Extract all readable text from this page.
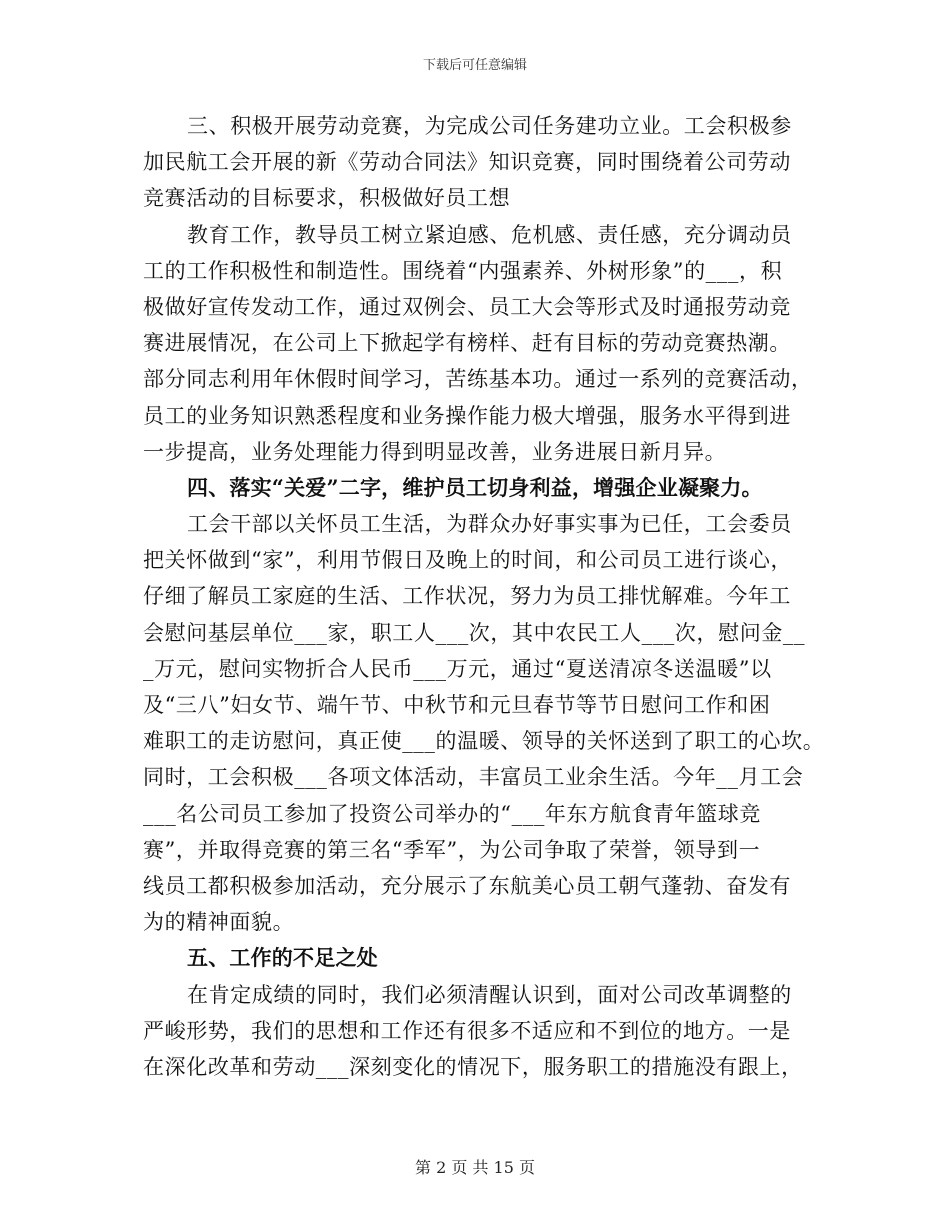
下载后可任意编辑
三、积极开展劳动竞赛，为完成公司任务建功立业。工会积极参
加民航工会开展的新《劳动合同法》知识竞赛，同时围绕着公司劳动
竞赛活动的目标要求，积极做好员工想
教育工作，教导员工树立紧迫感、危机感、责任感，充分调动员
工的工作积极性和制造性。围绕着“内强素养、外树形象”的___，积
极做好宣传发动工作，通过双例会、员工大会等形式及时通报劳动竞
赛进展情况，在公司上下掀起学有榜样、赶有目标的劳动竞赛热潮。
部分同志利用年休假时间学习，苦练基本功。通过一系列的竞赛活动，
员工的业务知识熟悉程度和业务操作能力极大增强，服务水平得到进
一步提高，业务处理能力得到明显改善，业务进展日新月异。
四、落实“关爱”二字，维护员工切身利益，增强企业凝聚力。
工会干部以关怀员工生活，为群众办好事实事为已任，工会委员
把关怀做到“家”，利用节假日及晚上的时间，和公司员工进行谈心，
仔细了解员工家庭的生活、工作状况，努力为员工排忧解难。今年工
会慰问基层单位___家，职工人___次，其中农民工人___次，慰问金__
_万元，慰问实物折合人民币___万元，通过“夏送清凉冬送温暖”以
及“三八”妇女节、端午节、中秋节和元旦春节等节日慰问工作和困
难职工的走访慰问，真正使___的温暖、领导的关怀送到了职工的心坎。
同时，工会积极___各项文体活动，丰富员工业余生活。今年__月工会
___名公司员工参加了投资公司举办的“___年东方航食青年篮球竞
赛”，并取得竞赛的第三名“季军”，为公司争取了荣誉，领导到一
线员工都积极参加活动，充分展示了东航美心员工朝气蓬勃、奋发有
为的精神面貌。
五、工作的不足之处
在肯定成绩的同时，我们必须清醒认识到，面对公司改革调整的
严峻形势，我们的思想和工作还有很多不适应和不到位的地方。一是
在深化改革和劳动___深刻变化的情况下，服务职工的措施没有跟上，
第 2 页 共 15 页
